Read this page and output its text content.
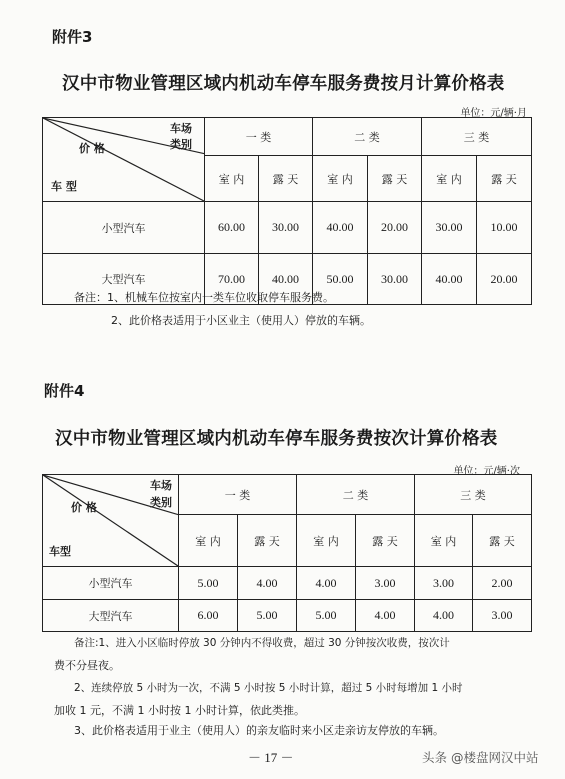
附件3
汉中市物业管理区域内机动车停车服务费按月计算价格表
单位：元/辆·月
车场
类别
价 格
车 型	一 类		二 类		三 类	
	室 内	露 天	室 内	露 天	室 内	露 天
小型汽车	60.00	30.00	40.00	20.00	30.00	10.00
大型汽车	70.00	40.00	50.00	30.00	40.00	20.00
备注：1、机械车位按室内一类车位收取停车服务费。
2、此价格表适用于小区业主（使用人）停放的车辆。
附件4
汉中市物业管理区域内机动车停车服务费按次计算价格表
单位：元/辆·次
车场
类别
价 格
车型	一 类		二 类		三 类	
	室 内	露 天	室 内	露 天	室 内	露 天
小型汽车	5.00	4.00	4.00	3.00	3.00	2.00
大型汽车	6.00	5.00	5.00	4.00	4.00	3.00
备注:1、进入小区临时停放 30 分钟内不得收费，超过 30 分钟按次收费，按次计
费不分昼夜。
2、连续停放 5 小时为一次，不满 5 小时按 5 小时计算，超过 5 小时每增加 1 小时
加收 1 元，不满 1 小时按 1 小时计算，依此类推。
3、此价格表适用于业主（使用人）的亲友临时来小区走亲访友停放的车辆。
－ 17 －	头条 @楼盘网汉中站
